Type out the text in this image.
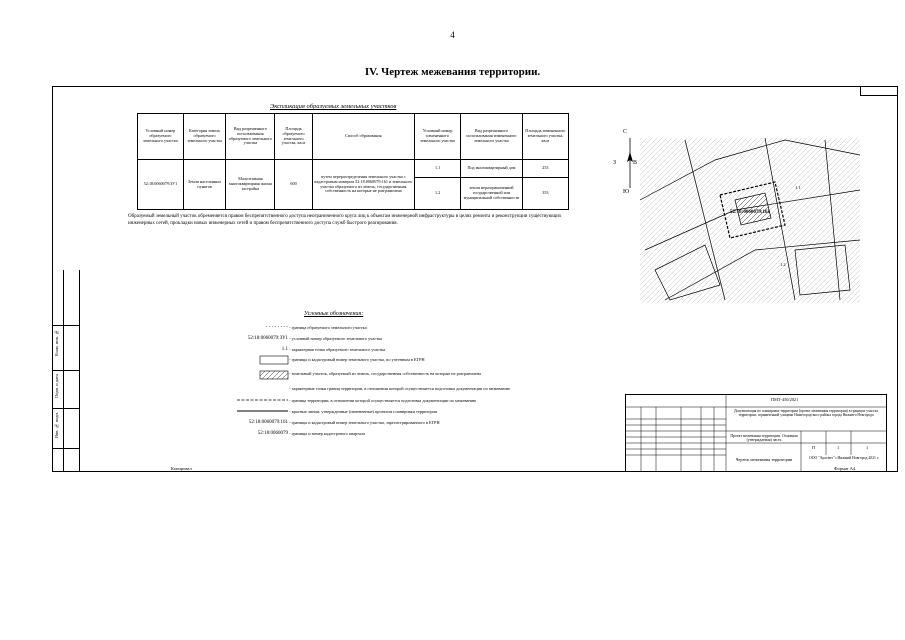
4
IV. Чертеж межевания территории.
Взам. инв. №
Подп. и дата
Инв. № подл.
Экспликация образуемых земельных участков
Условный номер образуемого земельного участка	Категория земель образуемого земельного участка	Вид разрешенного использования образуемого земельного участка	Площадь образуемого земельного участка, кв.м	Способ образования	Условный номер измененного земельного участка	Вид разрешенного использования измененного земельного участка	Площадь измененного земельного участка, кв.м
52:18:0060079:ЗУ1	Земли населенных пунктов	Малоэтажная многоквартирная жилая застройка	600	путем перераспределения земельного участка с кадастровым номером 52:18:0060079:161 и земельного участка образуемого из земель, государственная собственность на которые не разграничена	1.1	Под многоквартирный дом	253
					1.2	земли неразграниченной государственной или муниципальной собственности	353
Образуемый земельный участок обременяется правом беспрепятственного доступа неограниченного круга лиц к объектам инженерной инфраструктуры в целях ремонта и реконструкции существующих инженерных сетей, прокладки новых инженерных сетей и правом беспрепятственного доступа служб быстрого реагирования.
С
Ю
З	В
52:18:0060079:161
1.1
1.2
Условные обозначения:
- - - - - - - - - граница образуемого земельного участка
52:18:0060079:ЗУ1 - условный номер образуемого земельного участка
1.1 - характерная точка образуемого земельного участка
- границы и кадастровый номер земельного участка, по учтенным в ЕГРН
- земельный участок, образуемый из земель, государственная собственность на которые не разграничена
- характерные точки границ территории, в отношении которой осуществляется подготовка документации по межеванию
- граница территории, в отношении которой осуществляется подготовка документации по межеванию
- красные линии, утвержденные (измененные) проектом планировки территории
52:18:0060079:161 - границы и кадастровый номер земельного участка, зарегистрированного в ЕГРН
52:18:0060079 - границы и номер кадастрового квартала
ПМТ-450/2021
Документация по планировке территории (проект межевания территории) в границах участка территории, ограниченной улицами Нижегородского района города Нижнего Новгорода
Проект межевания территории. Основная (утверждаемая) часть
П	1	1
Чертеж межевания территории	ООО "Архсвет" г.Нижний Новгород 2021 г.
Копировал	Формат A4
